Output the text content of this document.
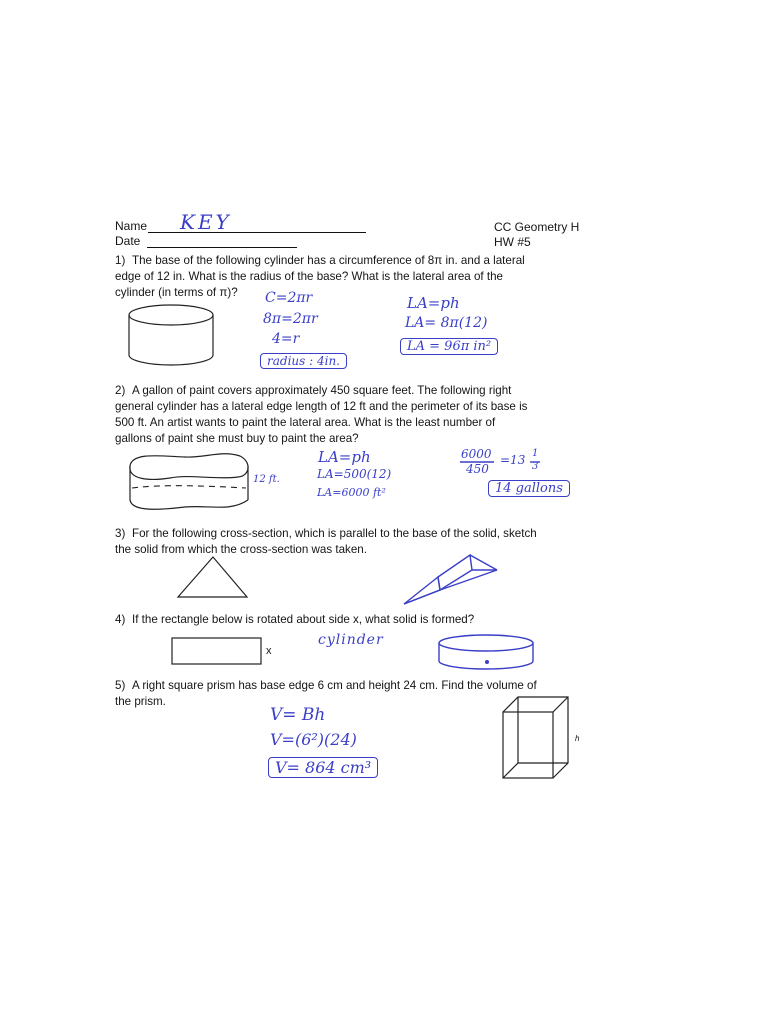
Name KEY
Date
CC Geometry H
HW #5
1) The base of the following cylinder has a circumference of 8π in. and a lateral
edge of 12 in. What is the radius of the base? What is the lateral area of the
cylinder (in terms of π)? C=2πr
8π=2πr
4=r
radius : 4in.
LA=ph
LA= 8π(12)
LA = 96π in²
2) A gallon of paint covers approximately 450 square feet. The following right
general cylinder has a lateral edge length of 12 ft and the perimeter of its base is
500 ft. An artist wants to paint the lateral area. What is the least number of
gallons of paint she must buy to paint the area?
12 ft.
LA=ph
LA=500(12)
LA=6000 ft²
6000
450
=13 1
3
14 gallons
3) For the following cross-section, which is parallel to the base of the solid, sketch
the solid from which the cross-section was taken.
4) If the rectangle below is rotated about side x, what solid is formed?
x
cylinder
5) A right square prism has base edge 6 cm and height 24 cm. Find the volume of
the prism.
V= Bh
V=(6²)(24)
V= 864 cm³
h
